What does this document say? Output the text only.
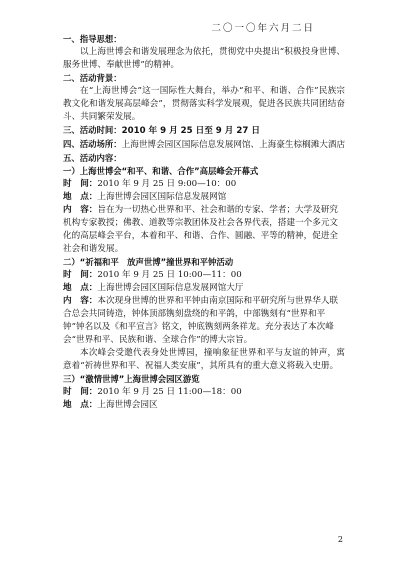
二〇一〇年六月二日
一、指导思想：
以上海世博会和谐发展理念为依托，贯彻党中央提出“积极投身世博、服务世博、奉献世博”的精神。
二、活动背景：
在“上海世博会”这一国际性大舞台，举办“和平、和谐、合作”民族宗教文化和谐发展高层峰会”，贯彻落实科学发展观，促进各民族共同团结奋斗、共同繁荣发展。
三、活动时间：2010 年 9 月 25 日至 9 月 27 日
四、活动场所：上海世博会园区国际信息发展网馆、上海豪生棕榈滩大酒店
五、活动内容：
一）上海世博会“和平、和谐、合作”高层峰会开幕式
时　间：2010 年 9 月 25 日 9:00—10：00
地　点：上海世博会园区国际信息发展网馆
内　容：旨在为一切热心世界和平、社会和谐的专家、学者；大学及研究机构专家教授；佛教、道教等宗教团体及社会各界代表，搭建一个多元文化的高层峰会平台，本着和平、和谐、合作、圆融、平等的精神，促进全社会和谐发展。
二）“祈福和平　放声世博”撞世界和平钟活动
时　间：2010 年 9 月 25 日 10:00—11：00
地　点：上海世博会园区国际信息发展网馆大厅
内　容：本次现身世博的世界和平钟由南京国际和平研究所与世界华人联合总会共同铸造，钟体顶部镌刻盘绕的和平鸽，中部镌刻有“世界和平钟”钟名以及《和平宣言》铭文，钟底镌刻两条祥龙。充分表达了本次峰会“世界和平、民族和谐、全球合作”的博大宗旨。
本次峰会受邀代表身处世博园，撞响象征世界和平与友谊的钟声，寓意着“祈祷世界和平、祝福人类安康”，其所具有的重大意义将载入史册。
三）“激情世博”上海世博会园区游览
时　间：2010 年 9 月 25 日 11:00—18：00
地　点：上海世博会园区
2
